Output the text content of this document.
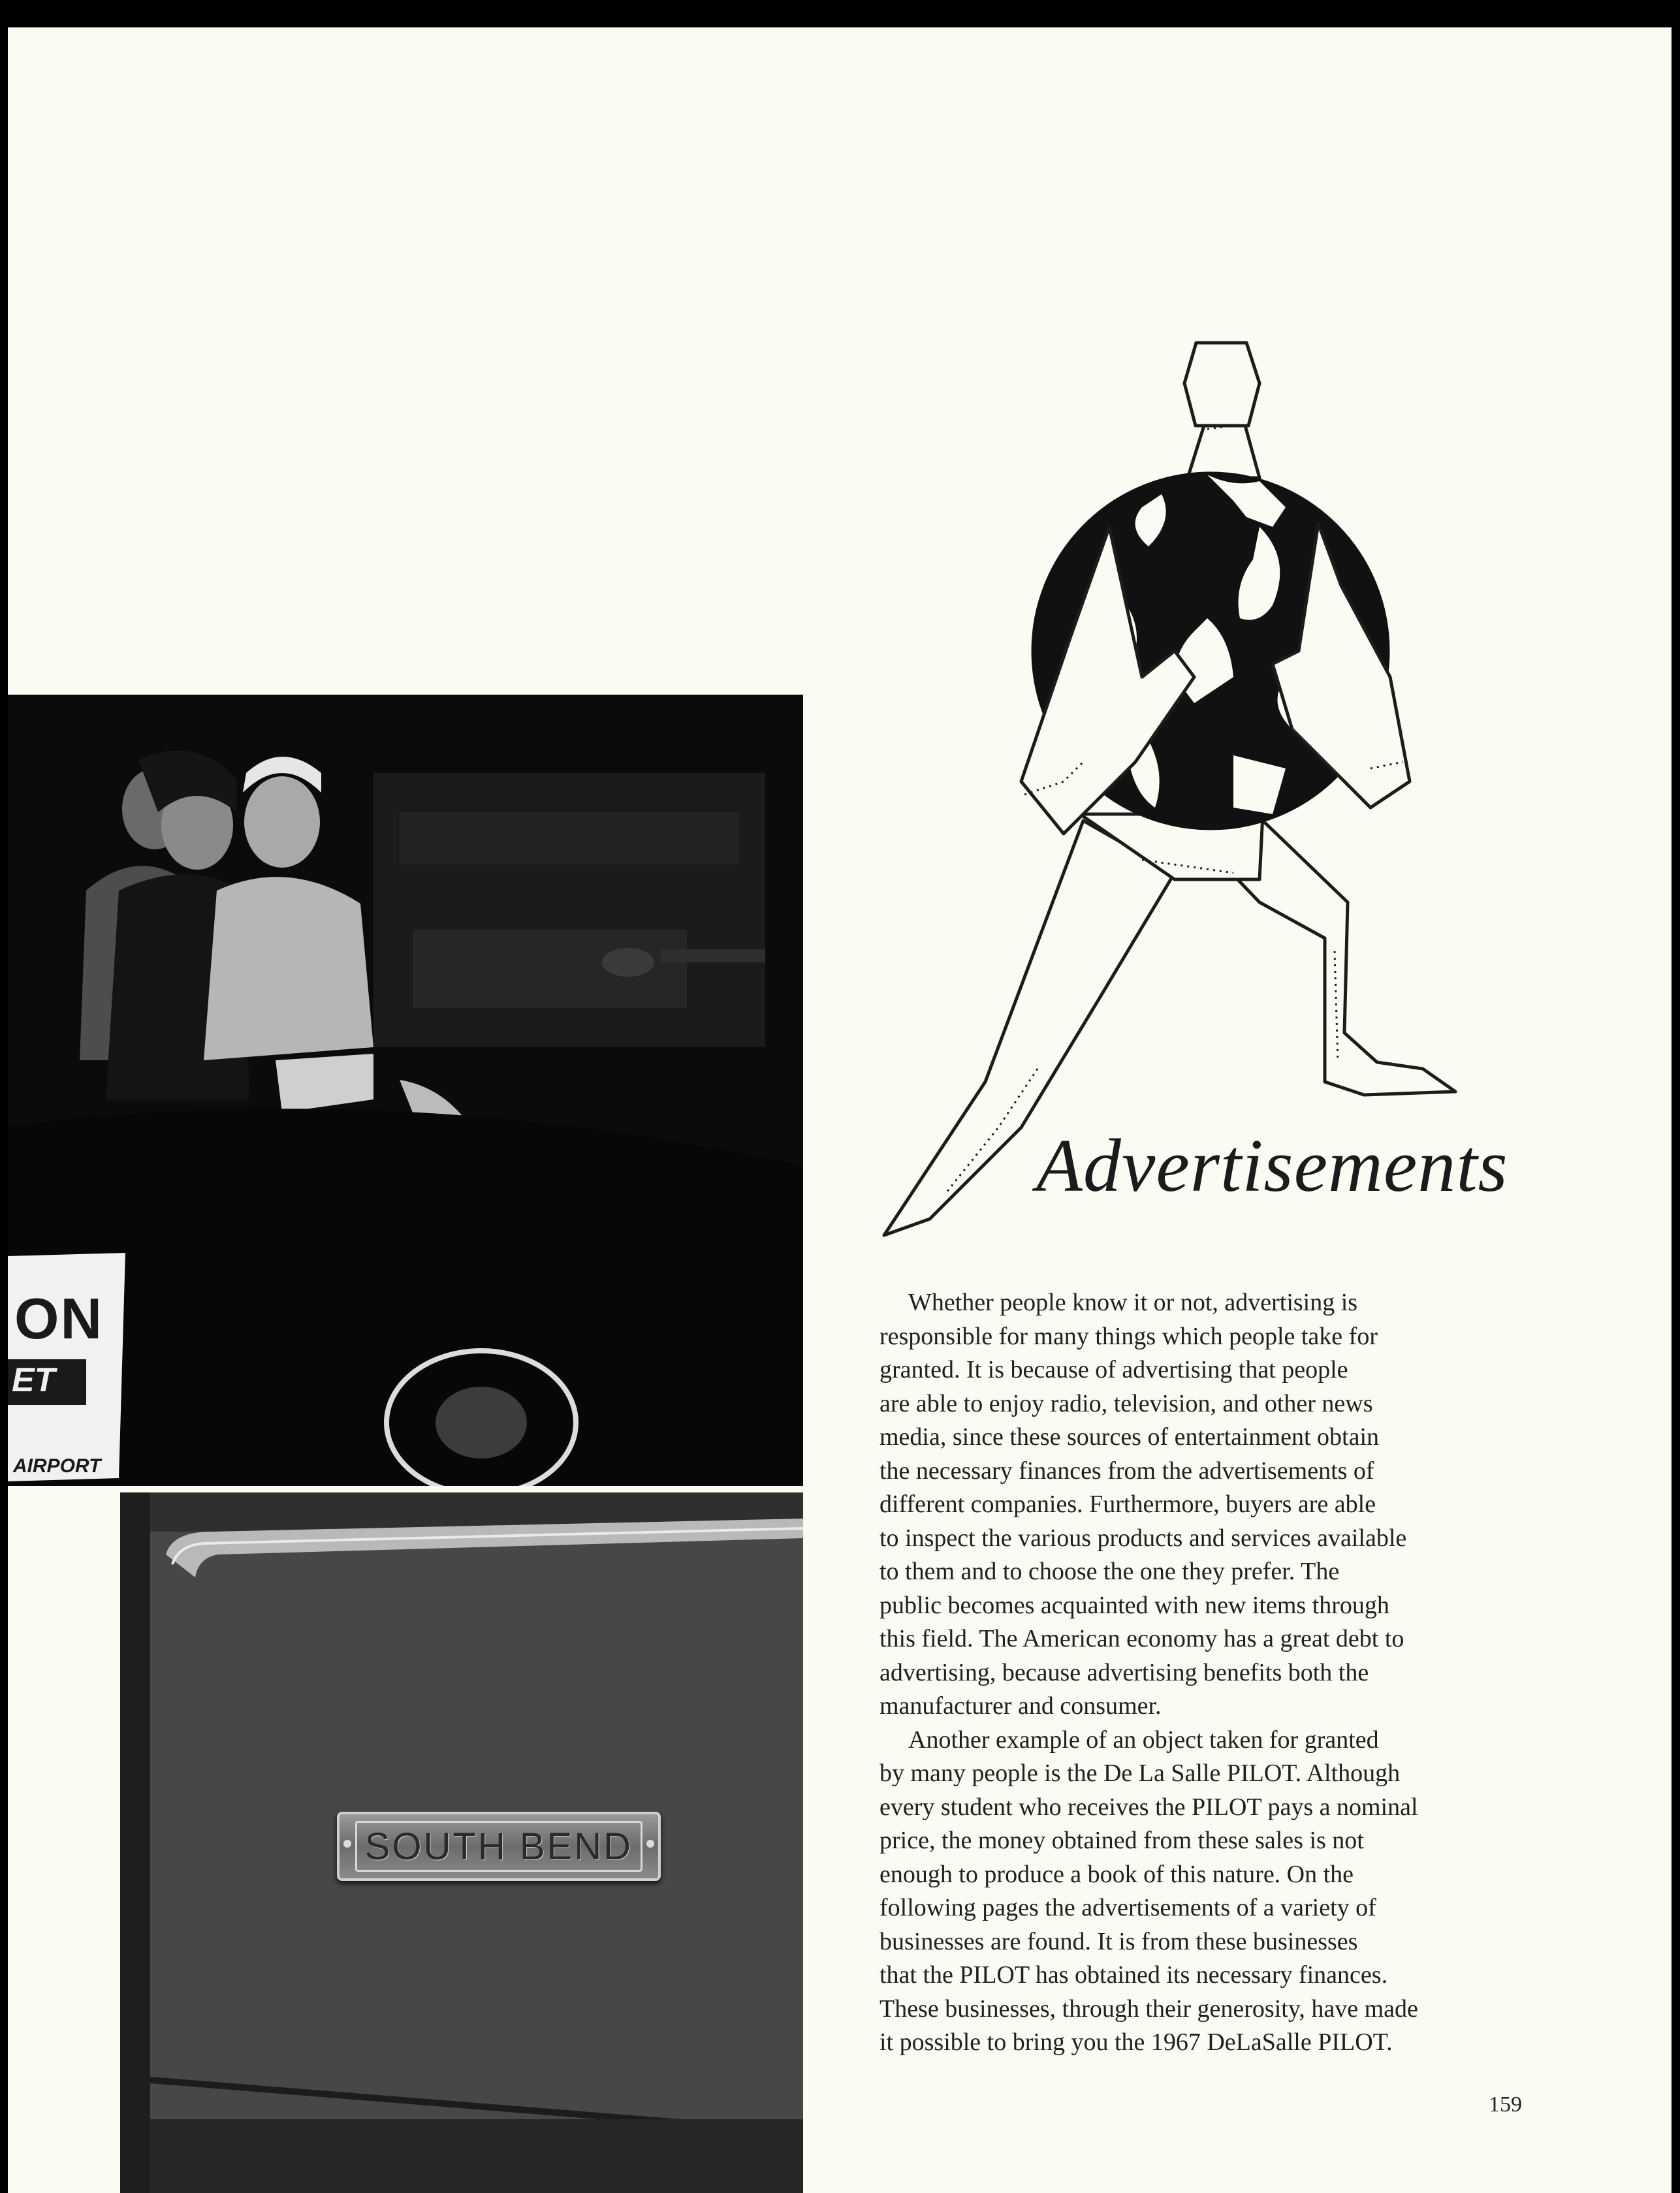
ON
ET
AIRPORT
SOUTH BEND
Advertisements
Whether people know it or not, advertising is
responsible for many things which people take for
granted. It is because of advertising that people
are able to enjoy radio, television, and other news
media, since these sources of entertainment obtain
the necessary finances from the advertisements of
different companies. Furthermore, buyers are able
to inspect the various products and services available
to them and to choose the one they prefer. The
public becomes acquainted with new items through
this field. The American economy has a great debt to
advertising, because advertising benefits both the
manufacturer and consumer.
Another example of an object taken for granted
by many people is the De La Salle PILOT. Although
every student who receives the PILOT pays a nominal
price, the money obtained from these sales is not
enough to produce a book of this nature. On the
following pages the advertisements of a variety of
businesses are found. It is from these businesses
that the PILOT has obtained its necessary finances.
These businesses, through their generosity, have made
it possible to bring you the 1967 DeLaSalle PILOT.
159
